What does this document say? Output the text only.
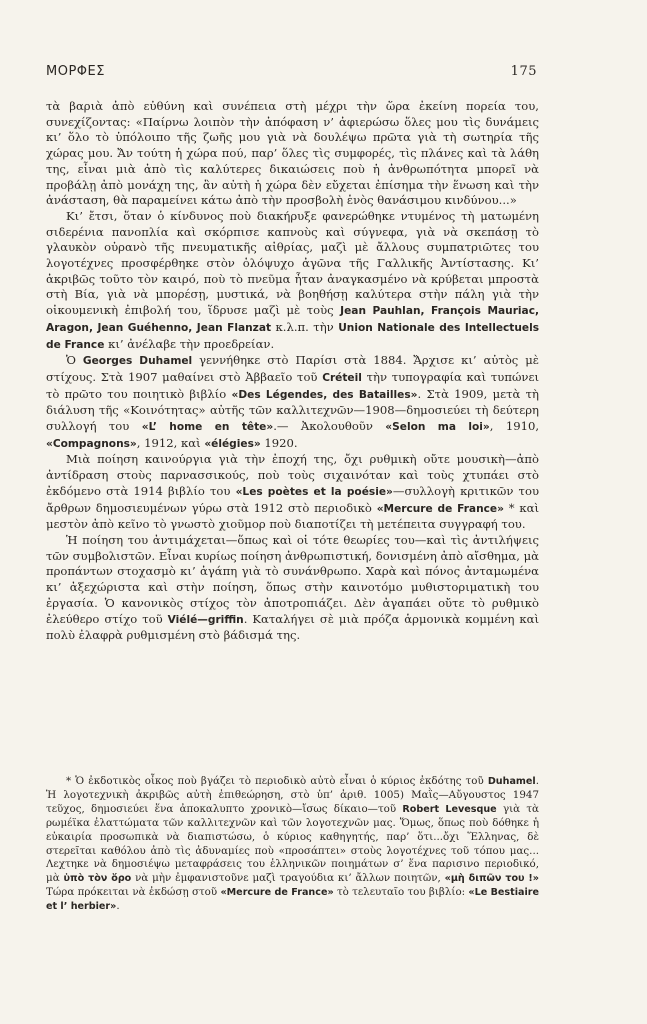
ΜΟΡΦΕΣ	175

τὰ βαριὰ ἀπὸ εὐθύνη καὶ συνέπεια στὴ μέχρι τὴν ὥρα ἐκείνη πορεία του, συνεχίζοντας: «Παίρνω λοιπὸν τὴν ἀπόφαση ν’ ἀφιερώσω ὅλες μου τὶς δυνάμεις κι’ ὅλο τὸ ὑπόλοιπο τῆς ζωῆς μου γιὰ νὰ δουλέψω πρῶτα γιὰ τὴ σωτηρία τῆς χώρας μου. Ἄν τούτη ἡ χώρα πού, παρ’ ὅλες τὶς συμφορές, τὶς πλάνες καὶ τὰ λάθη της, εἶναι μιὰ ἀπὸ τὶς καλύτερες δικαιώσεις ποὺ ἡ ἀνθρωπότητα μπορεῖ νὰ προβάλῃ ἀπὸ μονάχη της, ἂν αὐτὴ ἡ χώρα δὲν εὔχεται ἐπίσημα τὴν ἕνωση καὶ τὴν ἀνάσταση, θὰ παραμείνει κάτω ἀπὸ τὴν προσβολὴ ἑνὸς θανάσιμου κινδύνου...»

Κι’ ἔτσι, ὅταν ὁ κίνδυνος ποὺ διακήρυξε φανερώθηκε ντυμένος τὴ ματωμένη σιδερένια πανοπλία καὶ σκόρπισε καπνοὺς καὶ σύγνεφα, γιὰ νὰ σκεπάσῃ τὸ γλαυκὸν οὐρανὸ τῆς πνευματικῆς αἰθρίας, μαζὶ μὲ ἄλλους συμπατριῶτες του λογοτέχνες προσφέρθηκε στὸν ὁλόψυχο ἀγῶνα τῆς Γαλλικῆς Ἀντίστασης. Κι’ ἀκριβῶς τοῦτο τὸν καιρό, ποὺ τὸ πνεῦμα ἦταν ἀναγκασμένο νὰ κρύβεται μπροστὰ στὴ Βία, γιὰ νὰ μπορέσῃ, μυστικά, νὰ βοηθήσῃ καλύτερα στὴν πάλη γιὰ τὴν οἰκουμενικὴ ἐπιβολή του, ἵδρυσε μαζὶ μὲ τοὺς Jean Pauhlan, François Mauriac, Aragon, Jean Guéhenno, Jean Flanzat κ.λ.π. τὴν Union Nationale des Intellectuels de France κι’ ἀνέλαβε τὴν προεδρείαν.

Ὁ Georges Duhamel γεννήθηκε στὸ Παρίσι στὰ 1884. Ἄρχισε κι’ αὐτὸς μὲ στίχους. Στὰ 1907 μαθαίνει στὸ Ἀββαεῖο τοῦ Créteil τὴν τυπογραφία καὶ τυπώνει τὸ πρῶτο του ποιητικὸ βιβλίο «Des Légendes, des Batailles». Στὰ 1909, μετὰ τὴ διάλυση τῆς «Κοινότητας» αὐτῆς τῶν καλλιτεχνῶν—1908—δημοσιεύει τὴ δεύτερη συλλογή του «L’ home en tête».— Ἀκολουθοῦν «Selon ma loi», 1910, «Compagnons», 1912, καὶ «élégies» 1920.

Μιὰ ποίηση καινούργια γιὰ τὴν ἐποχή της, ὄχι ρυθμικὴ οὔτε μουσικὴ—ἀπὸ ἀντίδραση στοὺς παρνασσικούς, ποὺ τοὺς σιχαινόταν καὶ τοὺς χτυπάει στὸ ἐκδόμενο στὰ 1914 βιβλίο του «Les poètes et la poésie»—συλλογὴ κριτικῶν του ἄρθρων δημοσιευμένων γύρω στὰ 1912 στὸ περιοδικὸ «Mercure de France» * καὶ μεστὸν ἀπὸ κεῖνο τὸ γνωστὸ χιοῦμορ ποὺ διαποτίζει τὴ μετέπειτα συγγραφή του.

Ἡ ποίηση του ἀντιμάχεται—ὅπως καὶ οἱ τότε θεωρίες του—καὶ τὶς ἀντιλήψεις τῶν συμβολιστῶν. Εἶναι κυρίως ποίηση ἀνθρωπιστική, δονισμένη ἀπὸ αἴσθημα, μὰ προπάντων στοχασμὸ κι’ ἀγάπη γιὰ τὸ συνάνθρωπο. Χαρὰ καὶ πόνος ἀνταμωμένα κι’ ἀξεχώριστα καὶ στὴν ποίηση, ὅπως στὴν καινοτόμο μυθιστοριματικὴ του ἐργασία. Ὁ κανονικὸς στίχος τὸν ἀποτροπιάζει. Δὲν ἀγαπάει οὔτε τὸ ρυθμικὸ ἐλεύθερο στίχο τοῦ Viélé—griffin. Καταλήγει σὲ μιὰ πρόζα ἁρμονικὰ κομμένη καὶ πολὺ ἐλαφρὰ ρυθμισμένη στὸ βάδισμά της.

* Ὁ ἐκδοτικὸς οἶκος ποὺ βγάζει τὸ περιοδικὸ αὐτὸ εἶναι ὁ κύριος ἐκδότης τοῦ Duhamel. Ἡ λογοτεχνικὴ ἀκριβῶς αὐτὴ ἐπιθεώρηση, στὸ ὑπ’ ἀριθ. 1005) Μαῒς—Αὔγουστος 1947 τεῦχος, δημοσιεύει ἕνα ἀποκαλυπτο χρονικὸ—ἴσως δίκαιο—τοῦ Robert Levesque γιὰ τὰ ρωμέϊκα ἐλαττώματα τῶν καλλιτεχνῶν καὶ τῶν λογοτεχνῶν μας. Ὅμως, ὅπως ποὺ δόθηκε ἡ εὐκαιρία προσωπικὰ νὰ διαπιστώσω, ὁ κύριος καθηγητής, παρ’ ὅτι...ὄχι Ἕλληνας, δὲ στερεῖται καθόλου ἀπὸ τὶς ἀδυναμίες ποὺ «προσάπτει» στοὺς λογοτέχνες τοῦ τόπου μας... Λεχτηκε νὰ δημοσιέψω μεταφράσεις του ἑλληνικῶν ποιημάτων σ’ ἕνα παρισινο περιοδικό, μὰ ὑπὸ τὸν ὅρο νὰ μὴν ἐμφανιστοῦνε μαζὶ τραγούδια κι’ ἄλλων ποιητῶν, «μὴ διπῶν του !» Τώρα πρόκειται νὰ ἐκδώσῃ στοῦ «Mercure de France» τὸ τελευταῖο του βιβλίο: «Le Bestiaire et l’ herbier».
